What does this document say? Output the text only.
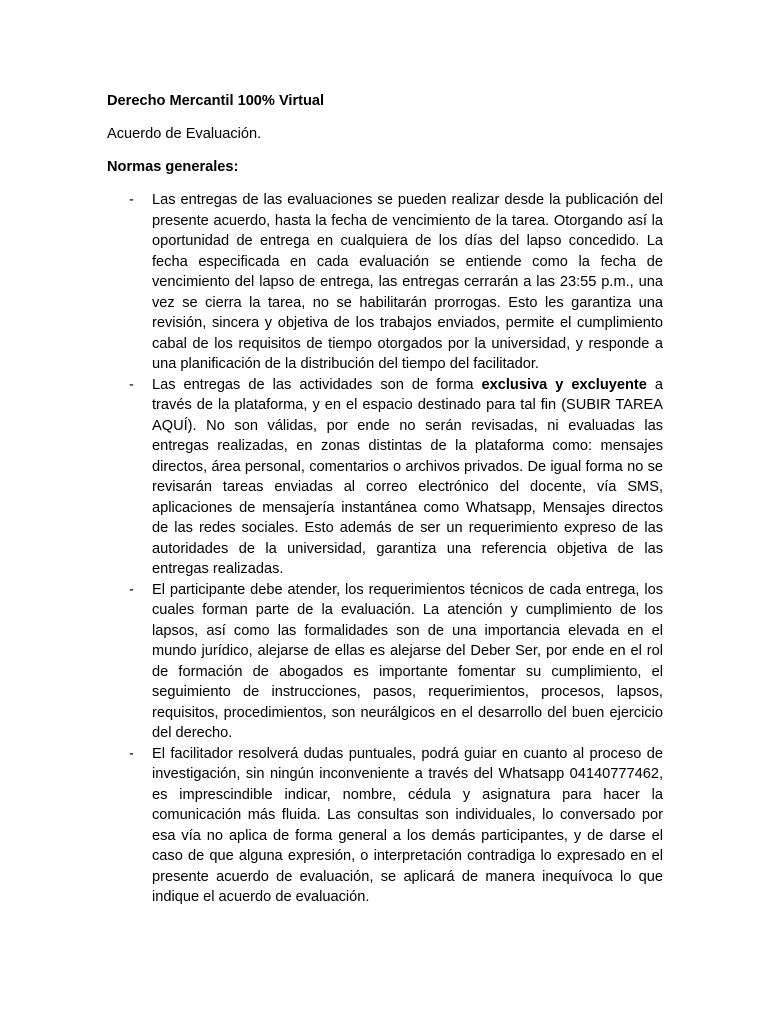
Derecho Mercantil 100% Virtual
Acuerdo de Evaluación.
Normas generales:
- Las entregas de las evaluaciones se pueden realizar desde la publicación del presente acuerdo, hasta la fecha de vencimiento de la tarea. Otorgando así la oportunidad de entrega en cualquiera de los días del lapso concedido. La fecha especificada en cada evaluación se entiende como la fecha de vencimiento del lapso de entrega, las entregas cerrarán a las 23:55 p.m., una vez se cierra la tarea, no se habilitarán prorrogas. Esto les garantiza una revisión, sincera y objetiva de los trabajos enviados, permite el cumplimiento cabal de los requisitos de tiempo otorgados por la universidad, y responde a una planificación de la distribución del tiempo del facilitador.
- Las entregas de las actividades son de forma exclusiva y excluyente a través de la plataforma, y en el espacio destinado para tal fin (SUBIR TAREA AQUÍ). No son válidas, por ende no serán revisadas, ni evaluadas las entregas realizadas, en zonas distintas de la plataforma como: mensajes directos, área personal, comentarios o archivos privados. De igual forma no se revisarán tareas enviadas al correo electrónico del docente, vía SMS, aplicaciones de mensajería instantánea como Whatsapp, Mensajes directos de las redes sociales. Esto además de ser un requerimiento expreso de las autoridades de la universidad, garantiza una referencia objetiva de las entregas realizadas.
- El participante debe atender, los requerimientos técnicos de cada entrega, los cuales forman parte de la evaluación. La atención y cumplimiento de los lapsos, así como las formalidades son de una importancia elevada en el mundo jurídico, alejarse de ellas es alejarse del Deber Ser, por ende en el rol de formación de abogados es importante fomentar su cumplimiento, el seguimiento de instrucciones, pasos, requerimientos, procesos, lapsos, requisitos, procedimientos, son neurálgicos en el desarrollo del buen ejercicio del derecho.
- El facilitador resolverá dudas puntuales, podrá guiar en cuanto al proceso de investigación, sin ningún inconveniente a través del Whatsapp 04140777462, es imprescindible indicar, nombre, cédula y asignatura para hacer la comunicación más fluida. Las consultas son individuales, lo conversado por esa vía no aplica de forma general a los demás participantes, y de darse el caso de que alguna expresión, o interpretación contradiga lo expresado en el presente acuerdo de evaluación, se aplicará de manera inequívoca lo que indique el acuerdo de evaluación.
